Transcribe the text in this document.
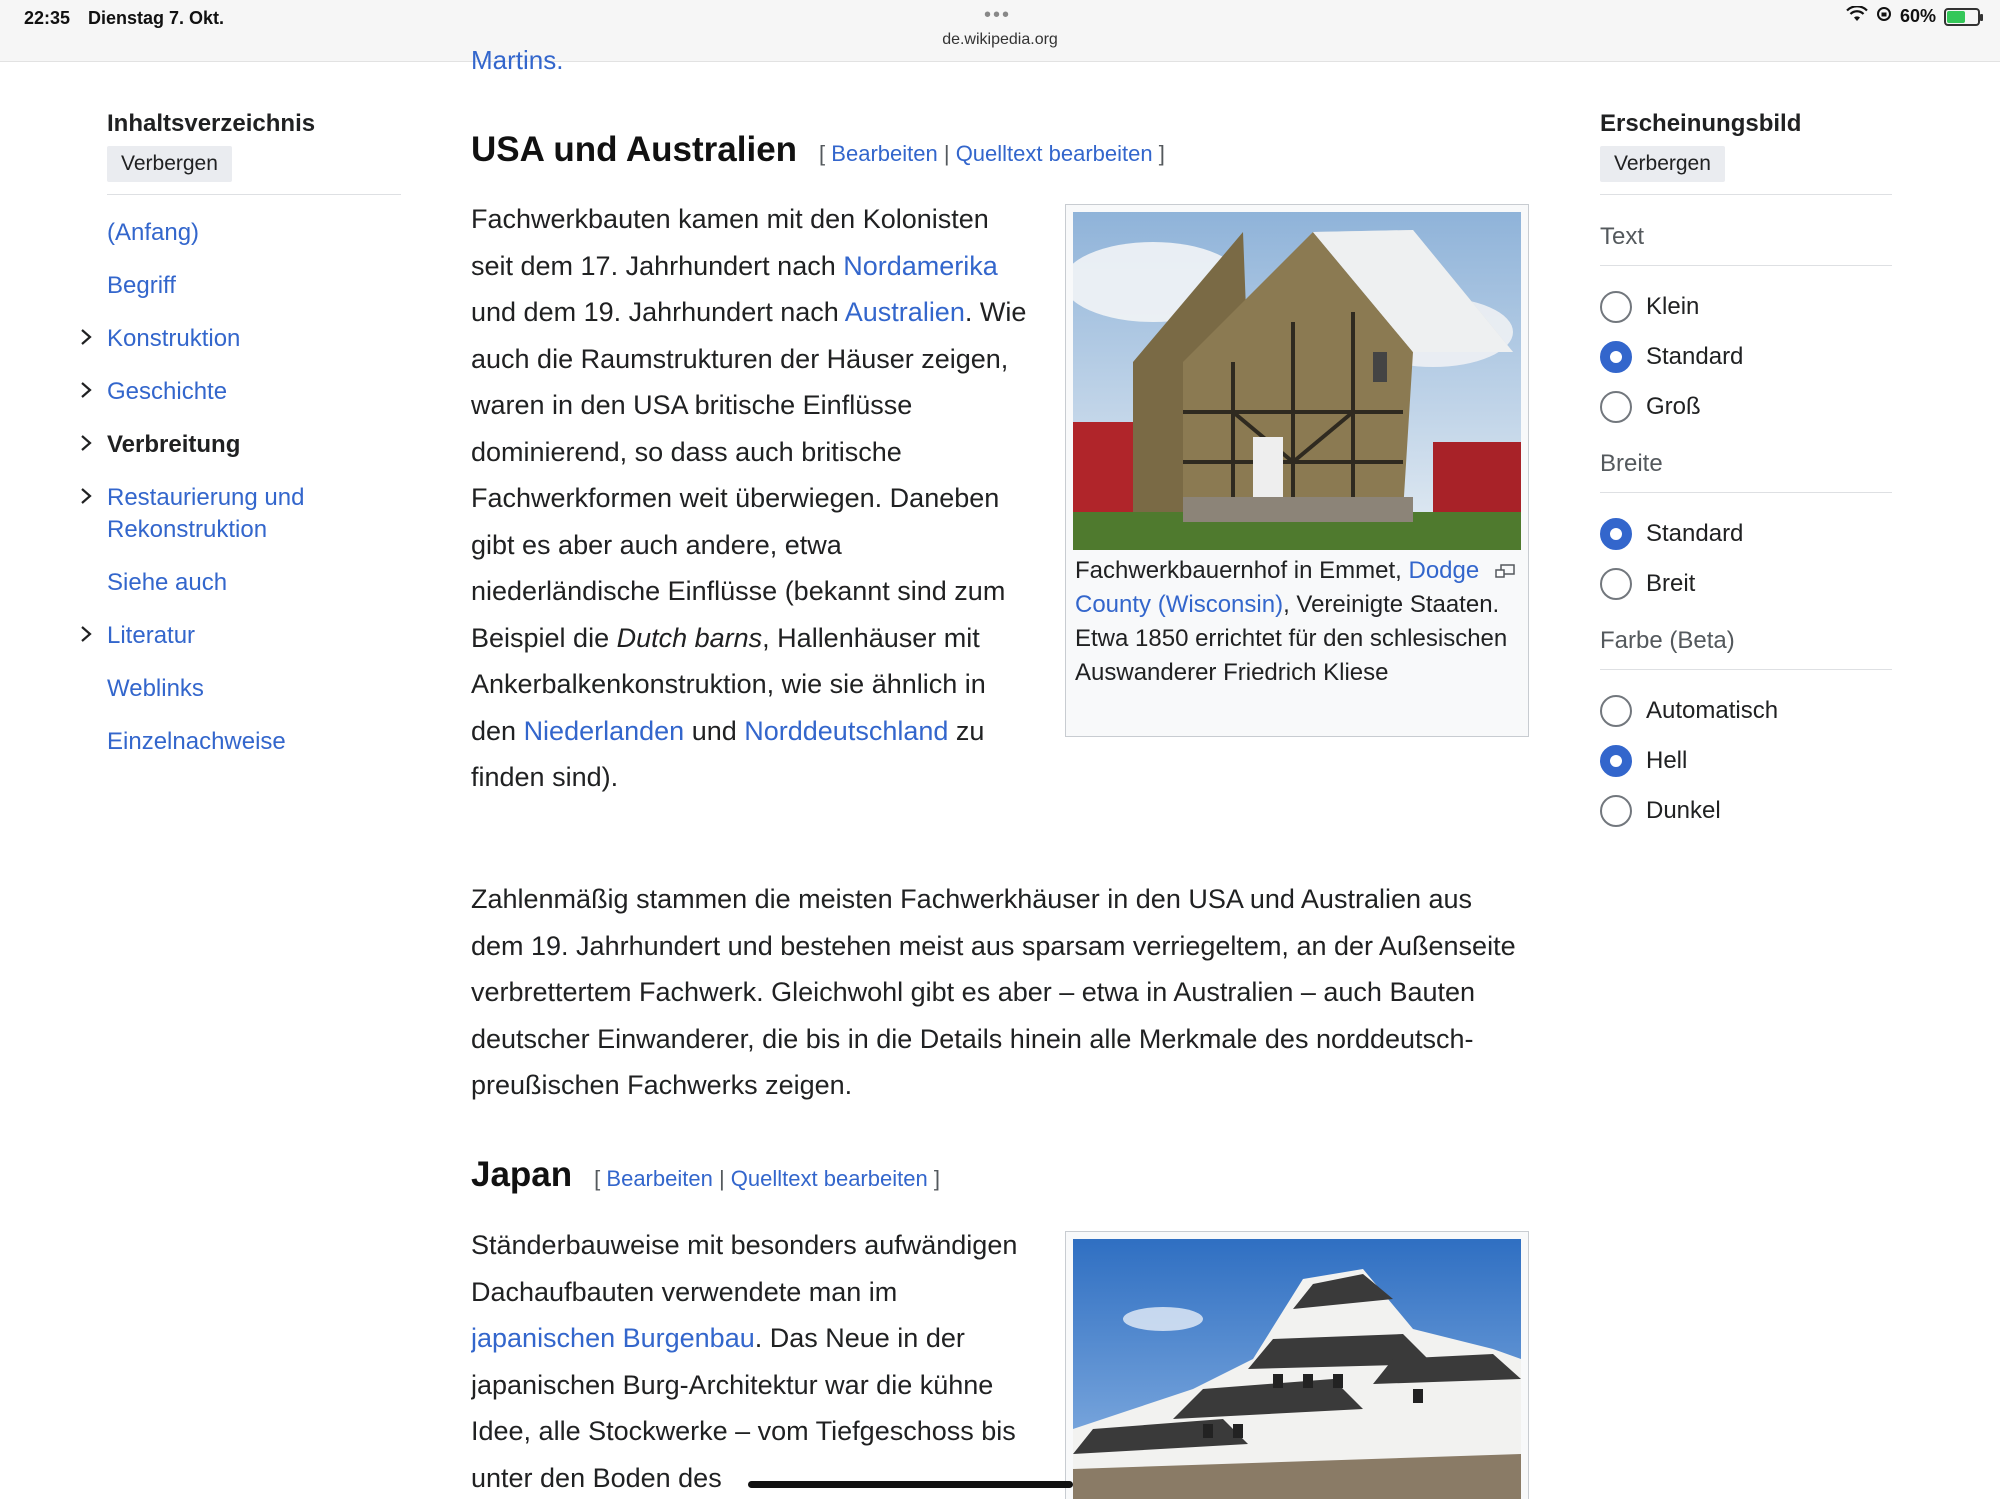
22:35 Dienstag 7. Okt.	•••
de.wikipedia.org
60%
Martins.
Inhaltsverzeichnis
Verbergen
(Anfang)
Begriff
Konstruktion
Geschichte
Verbreitung
Restaurierung und Rekonstruktion
Siehe auch
Literatur
Weblinks
Einzelnachweise
USA und Australien [ Bearbeiten | Quelltext bearbeiten ]

Fachwerkbauten kamen mit den Kolonisten seit dem 17. Jahrhundert nach Nordamerika und dem 19. Jahrhundert nach Australien. Wie auch die Raumstrukturen der Häuser zeigen, waren in den USA britische Einflüsse dominierend, so dass auch britische Fachwerkformen weit überwiegen. Daneben gibt es aber auch andere, etwa niederländische Einflüsse (bekannt sind zum Beispiel die Dutch barns, Hallenhäuser mit Ankerbalkenkonstruktion, wie sie ähnlich in den Niederlanden und Norddeutschland zu finden sind).

Fachwerkbauernhof in Emmet, Dodge County (Wisconsin), Vereinigte Staaten. Etwa 1850 errichtet für den schlesischen Auswanderer Friedrich Kliese

Zahlenmäßig stammen die meisten Fachwerkhäuser in den USA und Australien aus dem 19. Jahrhundert und bestehen meist aus sparsam verriegeltem, an der Außenseite verbrettertem Fachwerk. Gleichwohl gibt es aber – etwa in Australien – auch Bauten deutscher Einwanderer, die bis in die Details hinein alle Merkmale des norddeutsch-preußischen Fachwerks zeigen.

Japan [ Bearbeiten | Quelltext bearbeiten ]

Ständerbauweise mit besonders aufwändigen Dachaufbauten verwendete man im japanischen Burgenbau. Das Neue in der japanischen Burg-Architektur war die kühne Idee, alle Stockwerke – vom Tiefgeschoss bis unter den Boden des

Erscheinungsbild
Verbergen
Text
Klein
Standard
Groß
Breite
Standard
Breit
Farbe (Beta)
Automatisch
Hell
Dunkel
